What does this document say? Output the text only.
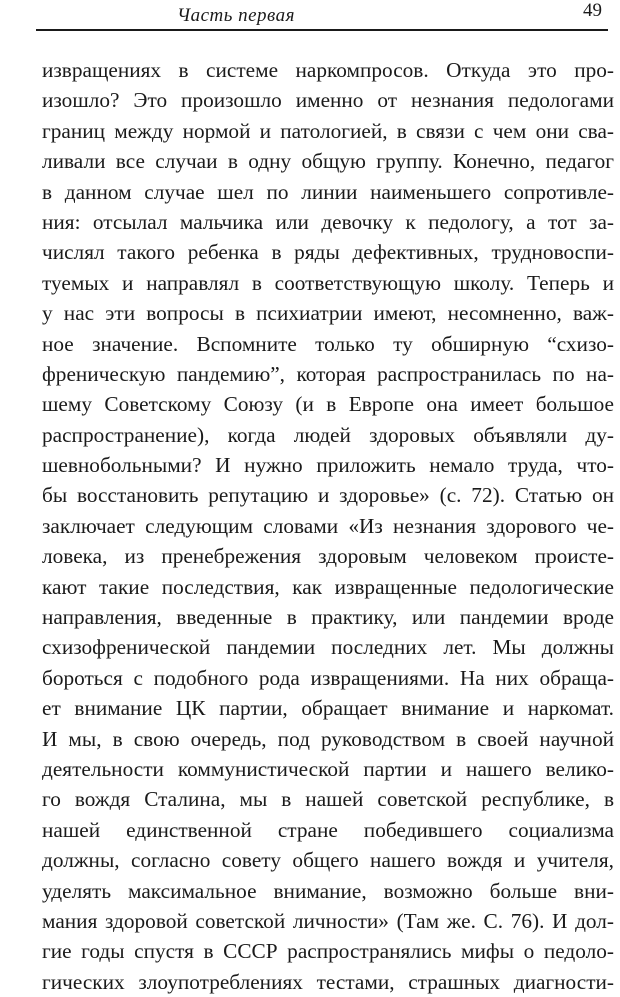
Часть первая	49
извращениях в системе наркомпросов. Откуда это про-
изошло? Это произошло именно от незнания педологами
границ между нормой и патологией, в связи с чем они сва-
ливали все случаи в одну общую группу. Конечно, педагог
в данном случае шел по линии наименьшего сопротивле-
ния: отсылал мальчика или девочку к педологу, а тот за-
числял такого ребенка в ряды дефективных, трудновоспи-
туемых и направлял в соответствующую школу. Теперь и
у нас эти вопросы в психиатрии имеют, несомненно, важ-
ное значение. Вспомните только ту обширную “схизо-
френическую пандемию”, которая распространилась по на-
шему Советскому Союзу (и в Европе она имеет большое
распространение), когда людей здоровых объявляли ду-
шевнобольными? И нужно приложить немало труда, что-
бы восстановить репутацию и здоровье» (с. 72). Статью он
заключает следующим словами «Из незнания здорового че-
ловека, из пренебрежения здоровым человеком происте-
кают такие последствия, как извращенные педологические
направления, введенные в практику, или пандемии вроде
схизофренической пандемии последних лет. Мы должны
бороться с подобного рода извращениями. На них обраща-
ет внимание ЦК партии, обращает внимание и наркомат.
И мы, в свою очередь, под руководством в своей научной
деятельности коммунистической партии и нашего велико-
го вождя Сталина, мы в нашей советской республике, в
нашей единственной стране победившего социализма
должны, согласно совету общего нашего вождя и учителя,
уделять максимальное внимание, возможно больше вни-
мания здоровой советской личности» (Там же. С. 76). И дол-
гие годы спустя в СССР распространялись мифы о педоло-
гических злоупотреблениях тестами, страшных диагности-
